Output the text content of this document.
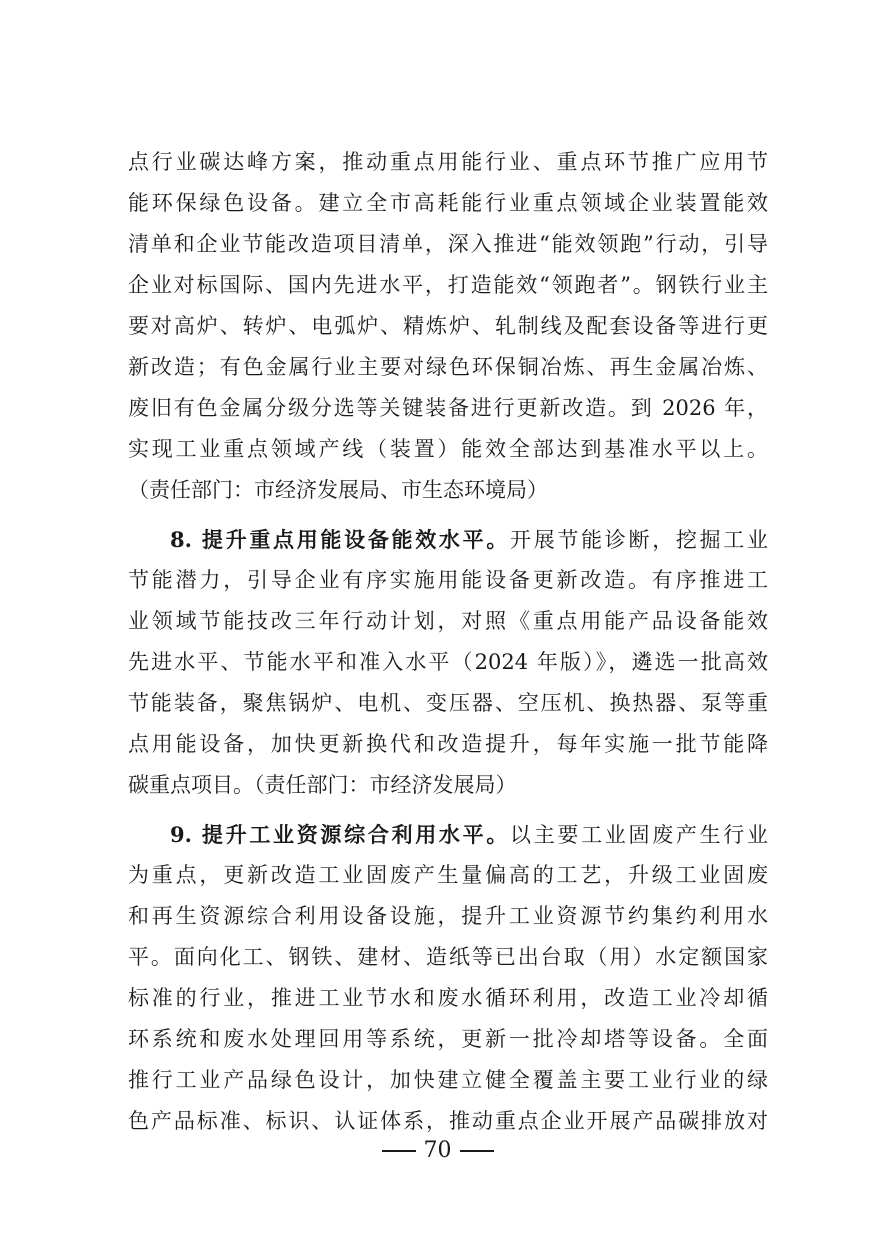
点行业碳达峰方案，推动重点用能行业、重点环节推广应用节
能环保绿色设备。建立全市高耗能行业重点领域企业装置能效
清单和企业节能改造项目清单，深入推进“能效领跑”行动，引导
企业对标国际、国内先进水平，打造能效“领跑者”。钢铁行业主
要对高炉、转炉、电弧炉、精炼炉、轧制线及配套设备等进行更
新改造；有色金属行业主要对绿色环保铜冶炼、再生金属冶炼、
废旧有色金属分级分选等关键装备进行更新改造。到 2026 年，
实现工业重点领域产线（装置）能效全部达到基准水平以上。
（责任部门：市经济发展局、市生态环境局）
8. 提升重点用能设备能效水平。开展节能诊断，挖掘工业
节能潜力，引导企业有序实施用能设备更新改造。有序推进工
业领域节能技改三年行动计划，对照《重点用能产品设备能效
先进水平、节能水平和准入水平（2024 年版）》，遴选一批高效
节能装备，聚焦锅炉、电机、变压器、空压机、换热器、泵等重
点用能设备，加快更新换代和改造提升，每年实施一批节能降
碳重点项目。（责任部门：市经济发展局）
9. 提升工业资源综合利用水平。以主要工业固废产生行业
为重点，更新改造工业固废产生量偏高的工艺，升级工业固废
和再生资源综合利用设备设施，提升工业资源节约集约利用水
平。面向化工、钢铁、建材、造纸等已出台取（用）水定额国家
标准的行业，推进工业节水和废水循环利用，改造工业冷却循
环系统和废水处理回用等系统，更新一批冷却塔等设备。全面
推行工业产品绿色设计，加快建立健全覆盖主要工业行业的绿
色产品标准、标识、认证体系，推动重点企业开展产品碳排放对
70
